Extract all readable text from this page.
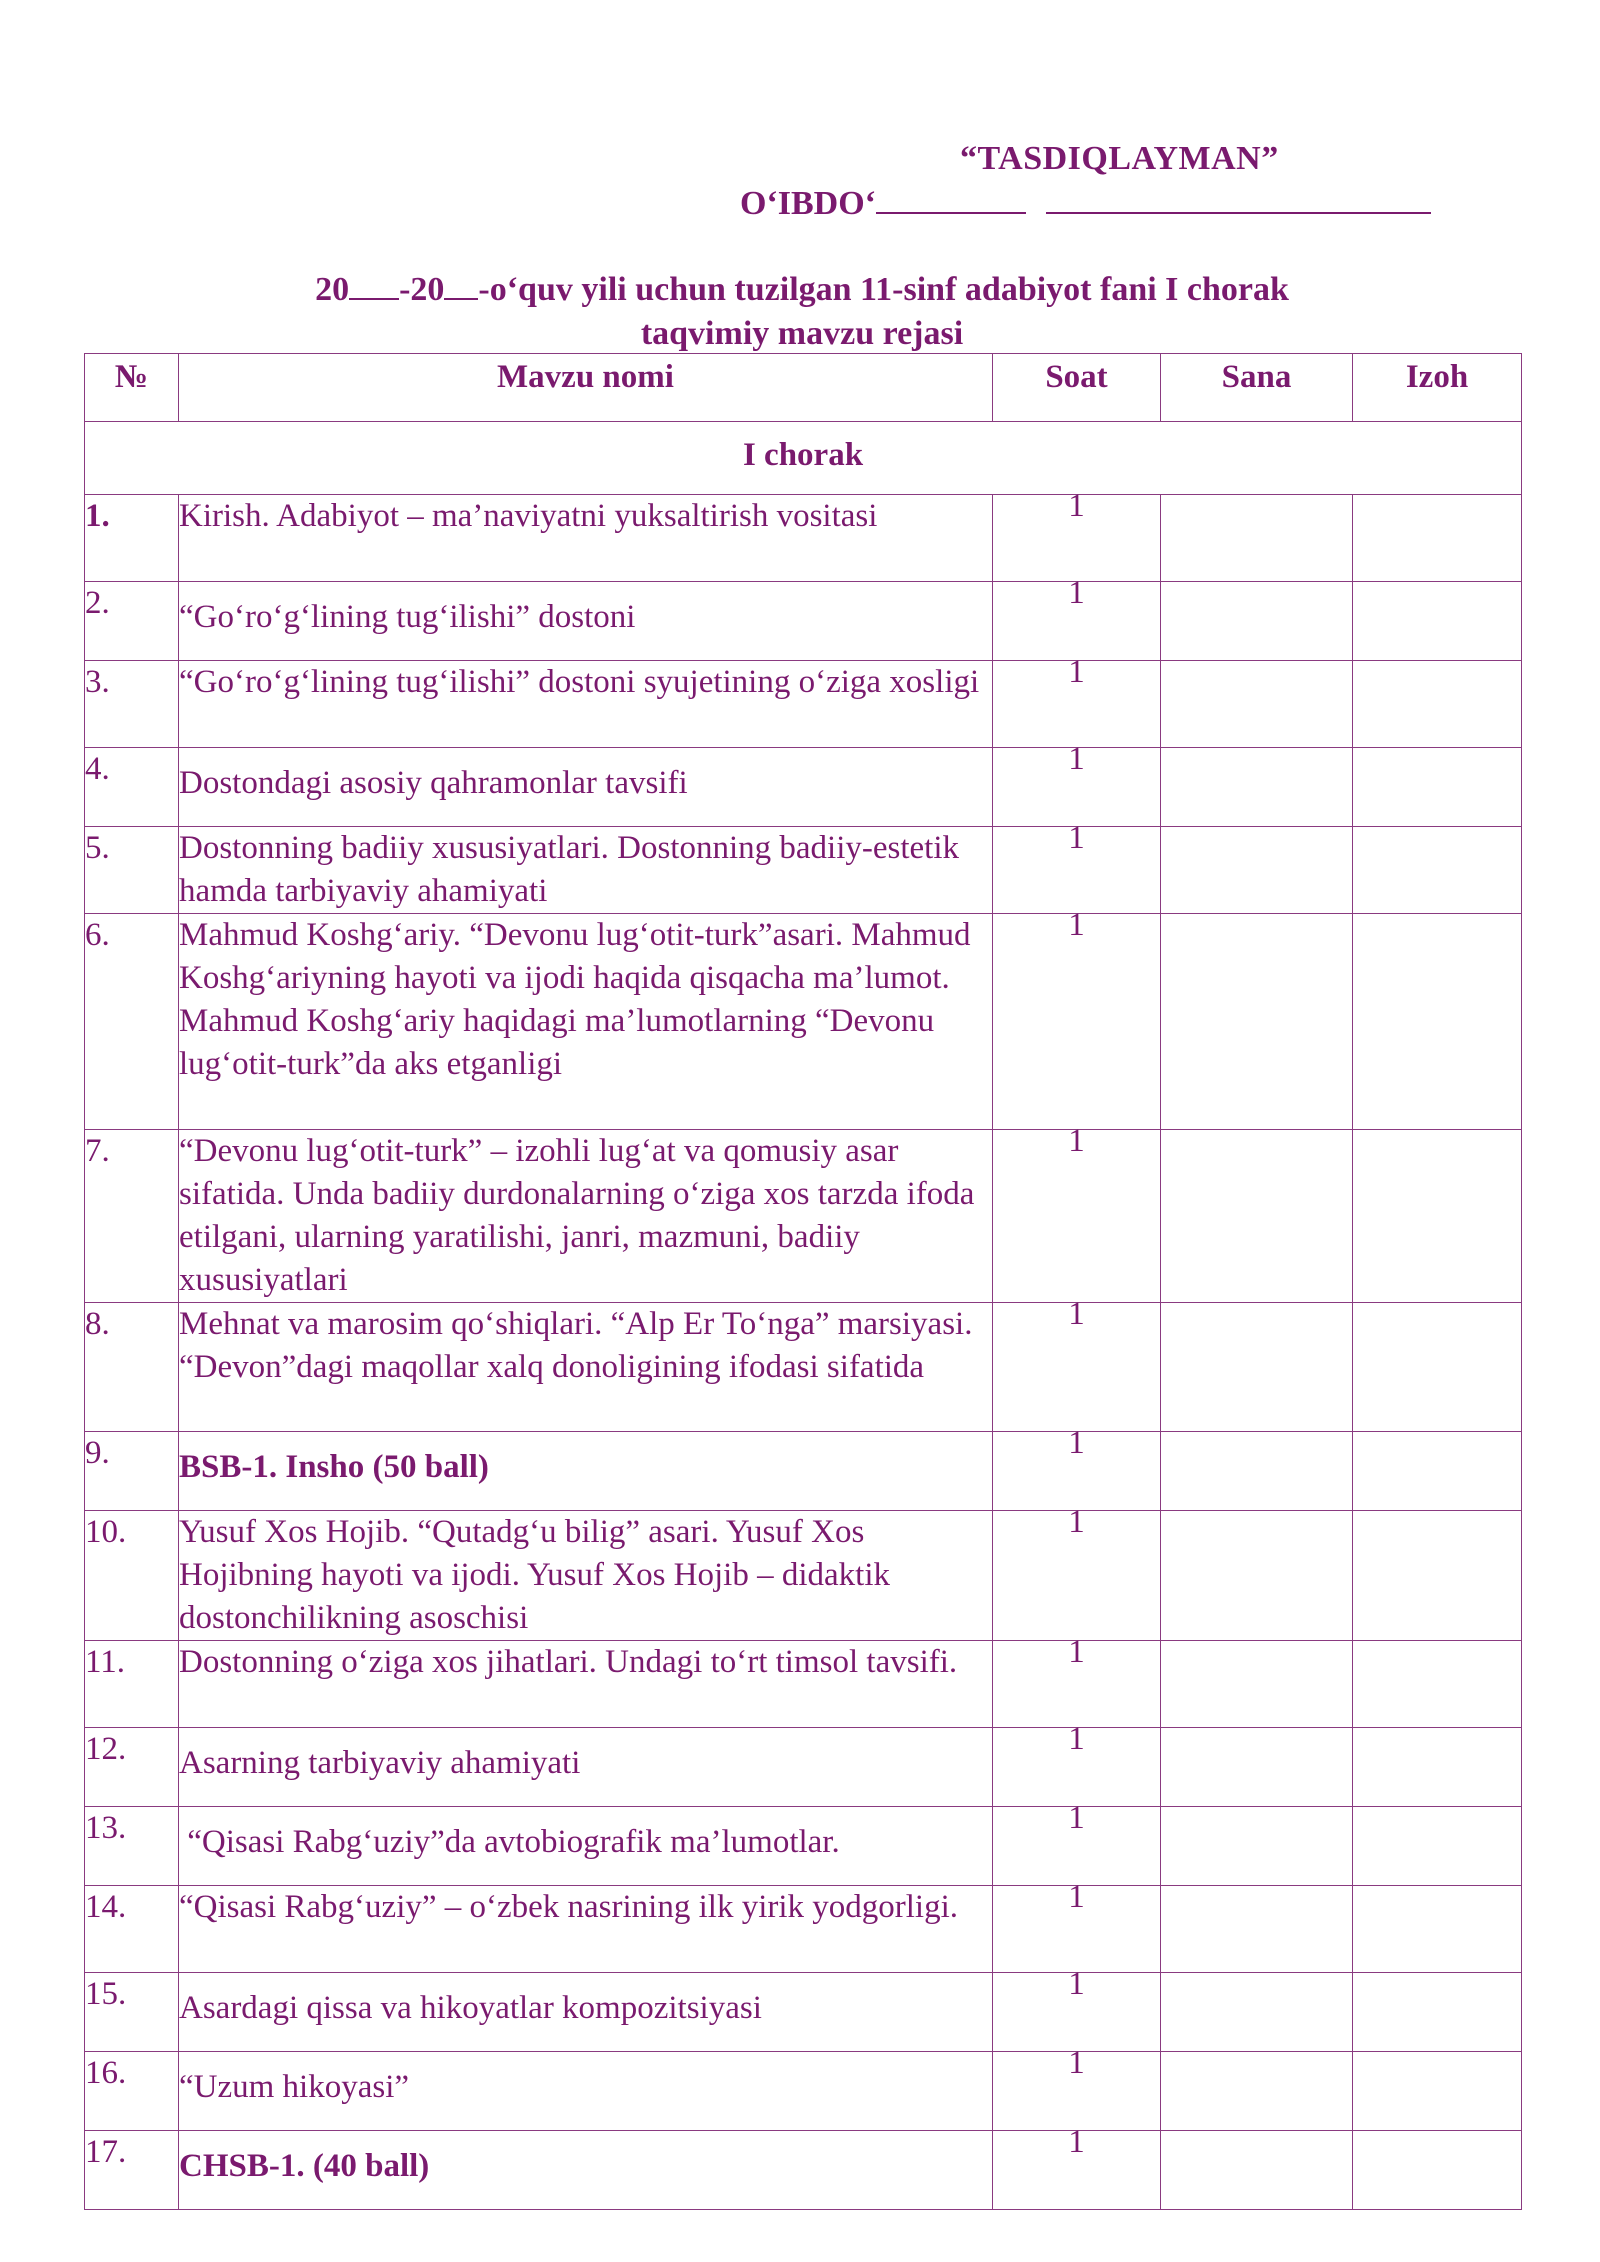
“TASDIQLAYMAN”
O‘IBDO‘
20 -20 -o‘quv yili uchun tuzilgan 11-sinf adabiyot fani I chorak
taqvimiy mavzu rejasi
№	Mavzu nomi	Soat	Sana	Izoh
I chorak				
1.	Kirish. Adabiyot – ma’naviyatni yuksaltirish vositasi	1		
2.	“Go‘ro‘g‘lining tug‘ilishi” dostoni	1		
3.	“Go‘ro‘g‘lining tug‘ilishi” dostoni syujetining o‘ziga xosligi	1		
4.	Dostondagi asosiy qahramonlar tavsifi	1		
5.	Dostonning badiiy xususiyatlari. Dostonning badiiy-estetik hamda tarbiyaviy ahamiyati	1		
6.	Mahmud Koshg‘ariy. “Devonu lug‘otit-turk”asari. Mahmud Koshg‘ariyning hayoti va ijodi haqida qisqacha ma’lumot. Mahmud Koshg‘ariy haqidagi ma’lumotlarning “Devonu lug‘otit-turk”da aks etganligi	1		
7.	“Devonu lug‘otit-turk” – izohli lug‘at va qomusiy asar sifatida. Unda badiiy durdonalarning o‘ziga xos tarzda ifoda etilgani, ularning yaratilishi, janri, mazmuni, badiiy xususiyatlari	1		
8.	Mehnat va marosim qo‘shiqlari. “Alp Er To‘nga” marsiyasi. “Devon”dagi maqollar xalq donoligining ifodasi sifatida	1		
9.	BSB-1. Insho (50 ball)	1		
10.	Yusuf Xos Hojib. “Qutadg‘u bilig” asari. Yusuf Xos Hojibning hayoti va ijodi. Yusuf Xos Hojib – didaktik dostonchilikning asoschisi	1		
11.	Dostonning o‘ziga xos jihatlari. Undagi to‘rt timsol tavsifi.	1		
12.	Asarning tarbiyaviy ahamiyati	1		
13.	“Qisasi Rabg‘uziy”da avtobiografik ma’lumotlar.	1		
14.	“Qisasi Rabg‘uziy” – o‘zbek nasrining ilk yirik yodgorligi.	1		
15.	Asardagi qissa va hikoyatlar kompozitsiyasi	1		
16.	“Uzum hikoyasi”	1		
17.	CHSB-1. (40 ball)	1		
